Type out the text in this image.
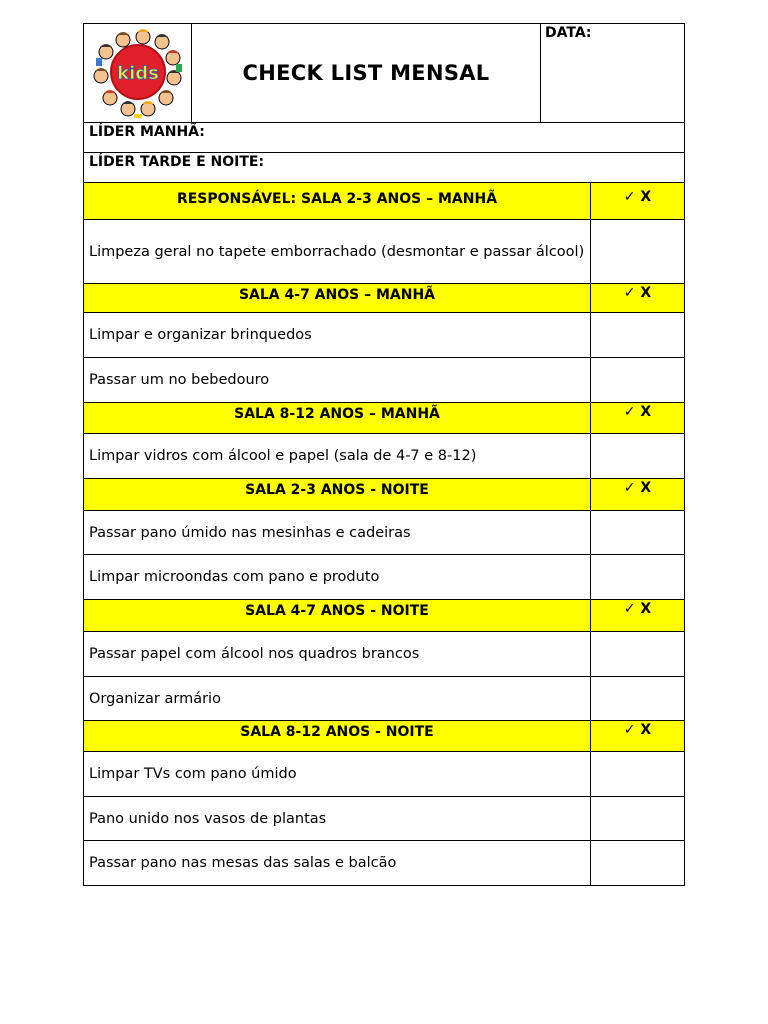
kids	CHECK LIST MENSAL
DATA:
LÍDER MANHÃ:
LÍDER TARDE E NOITE:
RESPONSÁVEL: SALA 2-3 ANOS – MANHÃ	✓ X
Limpeza geral no tapete emborrachado (desmontar e passar álcool)
SALA 4-7 ANOS – MANHÃ	✓ X
Limpar e organizar brinquedos
Passar um no bebedouro
SALA 8-12 ANOS – MANHÃ	✓ X
Limpar vidros com álcool e papel (sala de 4-7 e 8-12)
SALA 2-3 ANOS - NOITE	✓ X
Passar pano úmido nas mesinhas e cadeiras
Limpar microondas com pano e produto
SALA 4-7 ANOS - NOITE	✓ X
Passar papel com álcool nos quadros brancos
Organizar armário
SALA 8-12 ANOS - NOITE	✓ X
Limpar TVs com pano úmido
Pano unido nos vasos de plantas
Passar pano nas mesas das salas e balcão
